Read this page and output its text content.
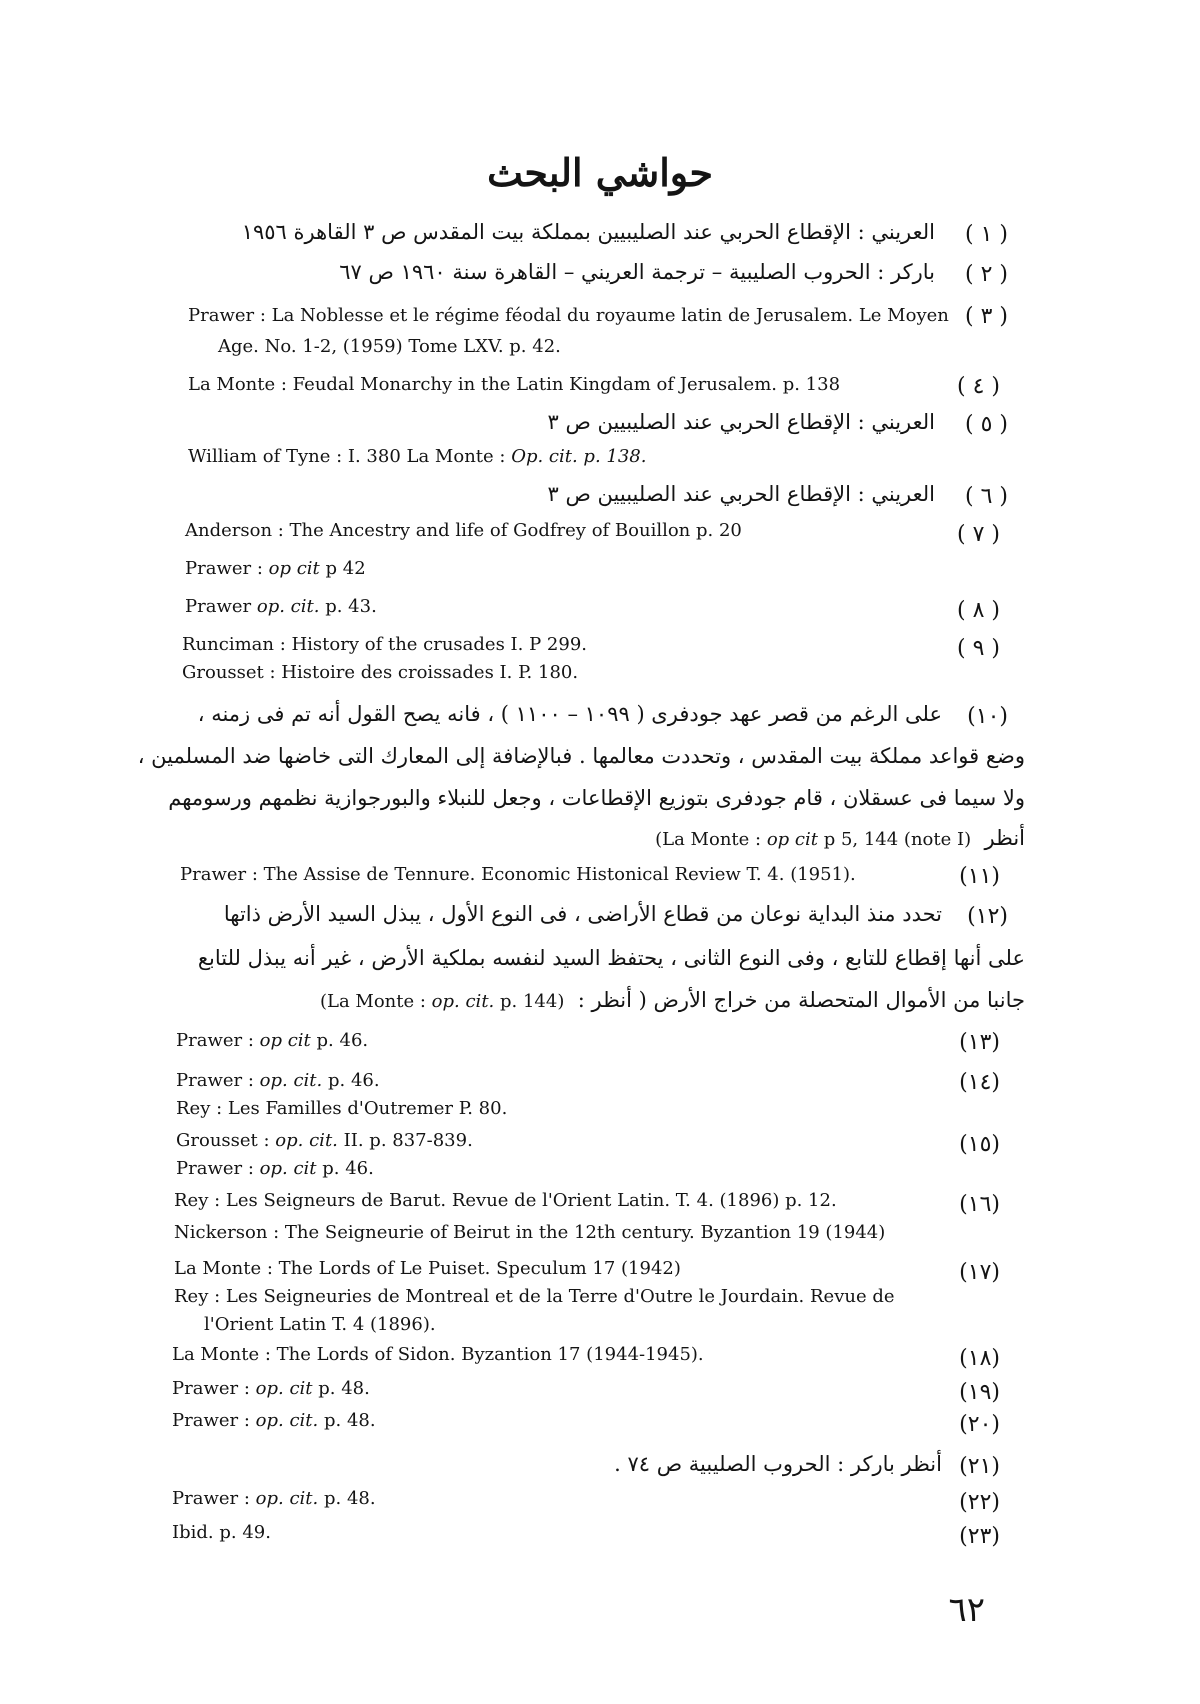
حواشي البحث
( ١ )
العريني : الإقطاع الحربي عند الصليبيين بمملكة بيت المقدس ص ٣ القاهرة ١٩٥٦
( ٢ )
باركر : الحروب الصليبية – ترجمة العريني – القاهرة سنة ١٩٦٠ ص ٦٧
( ٣ )
Prawer : La Noblesse et le régime féodal du royaume latin de Jerusalem. Le Moyen
Age. No. 1-2, (1959) Tome LXV. p. 42.
( ٤ )
La Monte : Feudal Monarchy in the Latin Kingdam of Jerusalem. p. 138
( ٥ )
العريني : الإقطاع الحربي عند الصليبيين ص ٣
William of Tyne : I. 380 La Monte : Op. cit. p. 138.
( ٦ )
العريني : الإقطاع الحربي عند الصليبيين ص ٣
( ٧ )
Anderson : The Ancestry and life of Godfrey of Bouillon p. 20
Prawer : op cit p 42
( ٨ )
Prawer op. cit. p. 43.
( ٩ )
Runciman : History of the crusades I. P 299.
Grousset : Histoire des croissades I. P. 180.
(١٠)
على الرغم من قصر عهد جودفرى ( ١٠٩٩ – ١١٠٠ ) ، فانه يصح القول أنه تم فى زمنه ،
وضع قواعد مملكة بيت المقدس ، وتحددت معالمها . فبالإضافة إلى المعارك التى خاضها ضد المسلمين ،
ولا سيما فى عسقلان ، قام جودفرى بتوزيع الإقطاعات ، وجعل للنبلاء والبورجوازية نظمهم ورسومهم
أنظر  (La Monte : op cit p 5, 144 (note I)
(١١)
Prawer : The Assise de Tennure. Economic Histonical Review T. 4. (1951).
(١٢)
تحدد منذ البداية نوعان من قطاع الأراضى ، فى النوع الأول ، يبذل السيد الأرض ذاتها
على أنها إقطاع للتابع ، وفى النوع الثانى ، يحتفظ السيد لنفسه بملكية الأرض ، غير أنه يبذل للتابع
جانبا من الأموال المتحصلة من خراج الأرض ( أنظر :  (La Monte : op. cit. p. 144)
(١٣)
Prawer : op cit p. 46.
(١٤)
Prawer : op. cit. p. 46.
Rey : Les Familles d'Outremer P. 80.
(١٥)
Grousset : op. cit. II. p. 837-839.
Prawer : op. cit p. 46.
(١٦)
Rey : Les Seigneurs de Barut. Revue de l'Orient Latin. T. 4. (1896) p. 12.
Nickerson : The Seigneurie of Beirut in the 12th century. Byzantion 19 (1944)
(١٧)
La Monte : The Lords of Le Puiset. Speculum 17 (1942)
Rey : Les Seigneuries de Montreal et de la Terre d'Outre le Jourdain. Revue de
l'Orient Latin T. 4 (1896).
(١٨)
La Monte : The Lords of Sidon. Byzantion 17 (1944-1945).
(١٩)
Prawer : op. cit p. 48.
(٢٠)
Prawer : op. cit. p. 48.
(٢١)
أنظر باركر : الحروب الصليبية ص ٧٤ .
(٢٢)
Prawer : op. cit. p. 48.
(٢٣)
Ibid. p. 49.
٦٢
